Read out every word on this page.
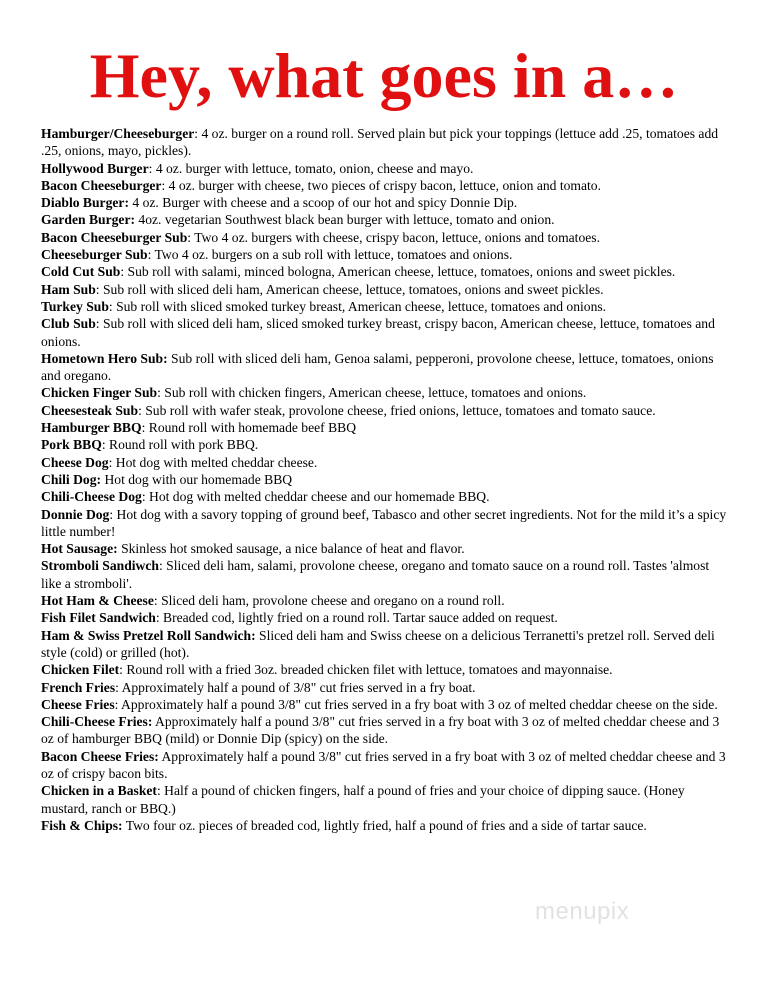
Hey, what goes in a…

Hamburger/Cheeseburger: 4 oz. burger on a round roll. Served plain but pick your toppings (lettuce add .25, tomatoes add .25, onions, mayo, pickles).

Hollywood Burger: 4 oz. burger with lettuce, tomato, onion, cheese and mayo.

Bacon Cheeseburger: 4 oz. burger with cheese, two pieces of crispy bacon, lettuce, onion and tomato.

Diablo Burger: 4 oz. Burger with cheese and a scoop of our hot and spicy Donnie Dip.

Garden Burger: 4oz. vegetarian Southwest black bean burger with lettuce, tomato and onion.

Bacon Cheeseburger Sub: Two 4 oz. burgers with cheese, crispy bacon, lettuce, onions and tomatoes.

Cheeseburger Sub: Two 4 oz. burgers on a sub roll with lettuce, tomatoes and onions.

Cold Cut Sub: Sub roll with salami, minced bologna, American cheese, lettuce, tomatoes, onions and sweet pickles.

Ham Sub: Sub roll with sliced deli ham, American cheese, lettuce, tomatoes, onions and sweet pickles.

Turkey Sub: Sub roll with sliced smoked turkey breast, American cheese, lettuce, tomatoes and onions.

Club Sub: Sub roll with sliced deli ham, sliced smoked turkey breast, crispy bacon, American cheese, lettuce, tomatoes and onions.

Hometown Hero Sub: Sub roll with sliced deli ham, Genoa salami, pepperoni, provolone cheese, lettuce, tomatoes, onions and oregano.

Chicken Finger Sub: Sub roll with chicken fingers, American cheese, lettuce, tomatoes and onions.

Cheesesteak Sub: Sub roll with wafer steak, provolone cheese, fried onions, lettuce, tomatoes and tomato sauce.

Hamburger BBQ: Round roll with homemade beef BBQ

Pork BBQ: Round roll with pork BBQ.

Cheese Dog: Hot dog with melted cheddar cheese.

Chili Dog: Hot dog with our homemade BBQ

Chili-Cheese Dog: Hot dog with melted cheddar cheese and our homemade BBQ.

Donnie Dog: Hot dog with a savory topping of ground beef, Tabasco and other secret ingredients. Not for the mild it’s a spicy little number!

Hot Sausage: Skinless hot smoked sausage, a nice balance of heat and flavor.

Stromboli Sandiwch: Sliced deli ham, salami, provolone cheese, oregano and tomato sauce on a round roll. Tastes 'almost like a stromboli'.

Hot Ham & Cheese: Sliced deli ham, provolone cheese and oregano on a round roll.

Fish Filet Sandwich: Breaded cod, lightly fried on a round roll. Tartar sauce added on request.

Ham & Swiss Pretzel Roll Sandwich: Sliced deli ham and Swiss cheese on a delicious Terranetti's pretzel roll. Served deli style (cold) or grilled (hot).

Chicken Filet: Round roll with a fried 3oz. breaded chicken filet with lettuce, tomatoes and mayonnaise.

French Fries: Approximately half a pound of 3/8" cut fries served in a fry boat.

Cheese Fries: Approximately half a pound 3/8" cut fries served in a fry boat with 3 oz of melted cheddar cheese on the side.

Chili-Cheese Fries: Approximately half a pound 3/8" cut fries served in a fry boat with 3 oz of melted cheddar cheese and 3 oz of hamburger BBQ (mild) or Donnie Dip (spicy) on the side.

Bacon Cheese Fries: Approximately half a pound 3/8" cut fries served in a fry boat with 3 oz of melted cheddar cheese and 3 oz of crispy bacon bits.

Chicken in a Basket: Half a pound of chicken fingers, half a pound of fries and your choice of dipping sauce. (Honey mustard, ranch or BBQ.)

Fish & Chips: Two four oz. pieces of breaded cod, lightly fried, half a pound of fries and a side of tartar sauce.

menupix
